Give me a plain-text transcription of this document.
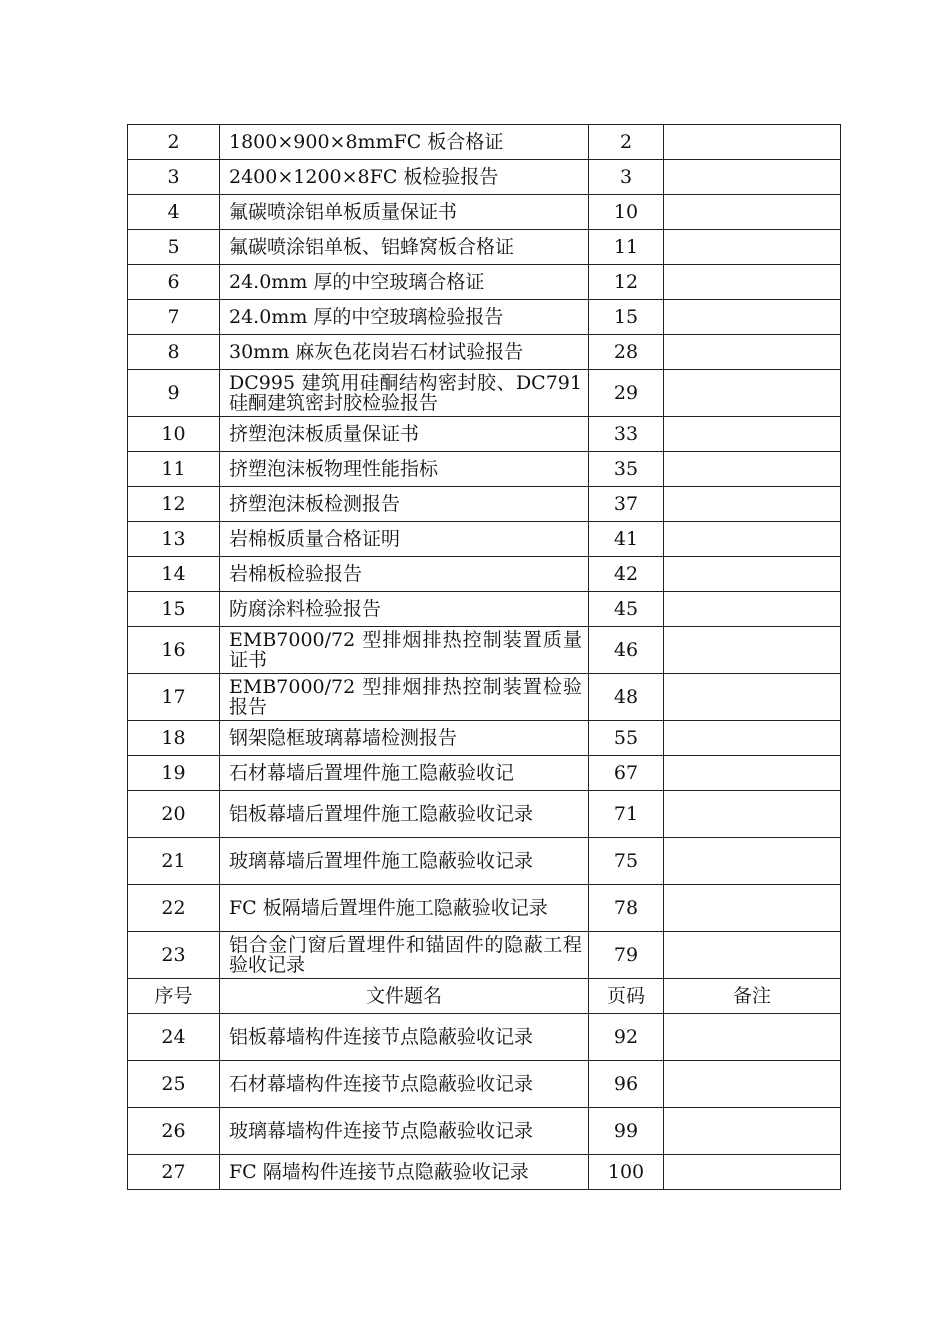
2	1800×900×8mmFC 板合格证	2	
3	2400×1200×8FC 板检验报告	3	
4	氟碳喷涂铝单板质量保证书	10	
5	氟碳喷涂铝单板、铝蜂窝板合格证	11	
6	24.0mm 厚的中空玻璃合格证	12	
7	24.0mm 厚的中空玻璃检验报告	15	
8	30mm 麻灰色花岗岩石材试验报告	28	
9	DC995 建筑用硅酮结构密封胶、DC791 硅酮建筑密封胶检验报告	29	
10	挤塑泡沫板质量保证书	33	
11	挤塑泡沫板物理性能指标	35	
12	挤塑泡沫板检测报告	37	
13	岩棉板质量合格证明	41	
14	岩棉板检验报告	42	
15	防腐涂料检验报告	45	
16	EMB7000/72 型排烟排热控制装置质量证书	46	
17	EMB7000/72 型排烟排热控制装置检验报告	48	
18	钢架隐框玻璃幕墙检测报告	55	
19	石材幕墙后置埋件施工隐蔽验收记	67	
20	铝板幕墙后置埋件施工隐蔽验收记录	71	
21	玻璃幕墙后置埋件施工隐蔽验收记录	75	
22	FC 板隔墙后置埋件施工隐蔽验收记录	78	
23	铝合金门窗后置埋件和锚固件的隐蔽工程验收记录	79	
序号	文件题名	页码	备注
24	铝板幕墙构件连接节点隐蔽验收记录	92	
25	石材幕墙构件连接节点隐蔽验收记录	96	
26	玻璃幕墙构件连接节点隐蔽验收记录	99	
27	FC 隔墙构件连接节点隐蔽验收记录	100	
